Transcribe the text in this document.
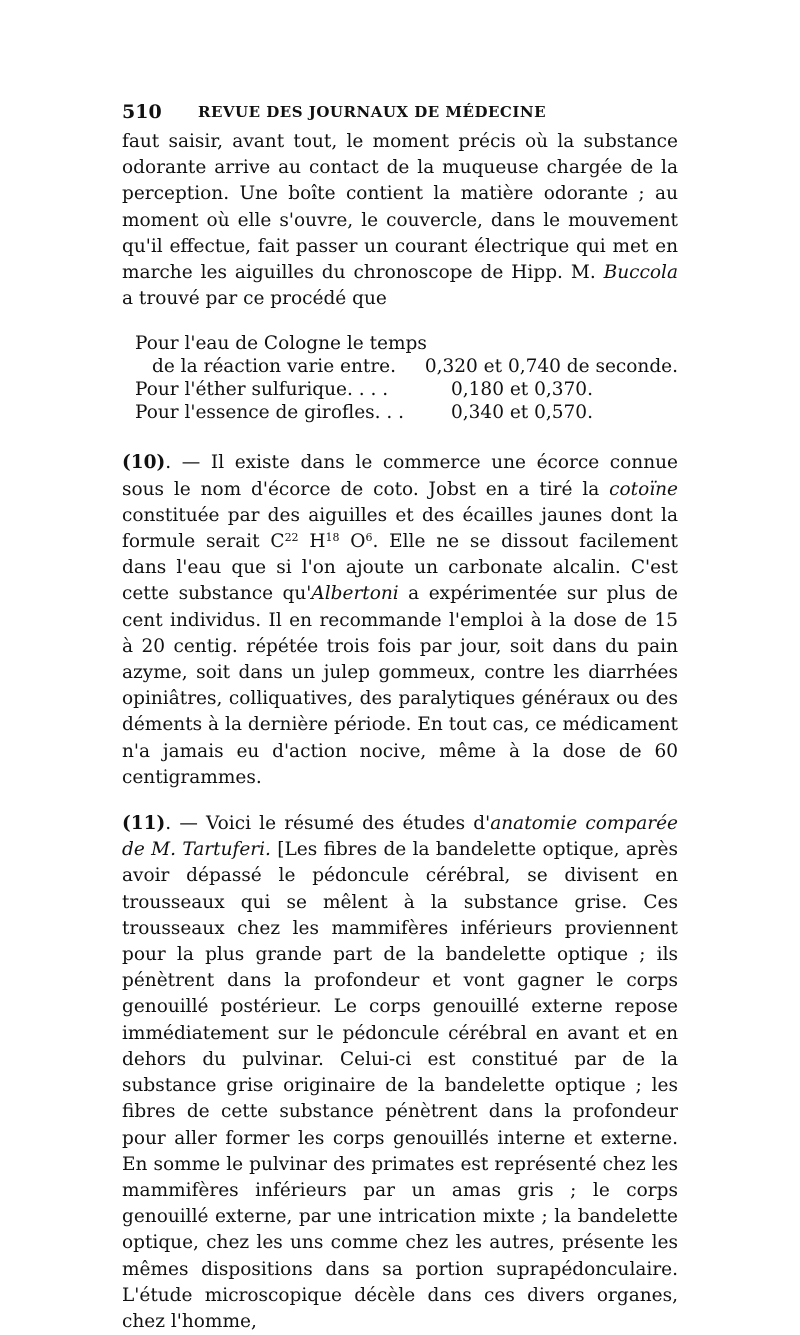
510 REVUE DES JOURNAUX DE MÉDECINE

faut saisir, avant tout, le moment précis où la substance odorante arrive au contact de la muqueuse chargée de la perception. Une boîte contient la matière odorante ; au moment où elle s'ouvre, le couvercle, dans le mouvement qu'il effectue, fait passer un courant électrique qui met en marche les aiguilles du chronoscope de Hipp. M. Buccola a trouvé par ce procédé que

Pour l'eau de Cologne le temps
de la réaction varie entre.	0,320 et 0,740 de seconde.
Pour l'éther sulfurique. . . .	0,180 et 0,370.
Pour l'essence de girofles. . .	0,340 et 0,570.

(10). — Il existe dans le commerce une écorce connue sous le nom d'écorce de coto. Jobst en a tiré la cotoïne constituée par des aiguilles et des écailles jaunes dont la formule serait $C^{22}$ $H^{18}$ $O^6$. Elle ne se dissout facilement dans l'eau que si l'on ajoute un carbonate alcalin. C'est cette substance qu'Albertoni a expérimentée sur plus de cent individus. Il en recommande l'emploi à la dose de 15 à 20 centig. répétée trois fois par jour, soit dans du pain azyme, soit dans un julep gommeux, contre les diarrhées opiniâtres, colliquatives, des paralytiques généraux ou des déments à la dernière période. En tout cas, ce médicament n'a jamais eu d'action nocive, même à la dose de 60 centigrammes.

(11). — Voici le résumé des études d'anatomie comparée de M. Tartuferi. [Les fibres de la bandelette optique, après avoir dépassé le pédoncule cérébral, se divisent en trousseaux qui se mêlent à la substance grise. Ces trousseaux chez les mammifères inférieurs proviennent pour la plus grande part de la bandelette optique ; ils pénètrent dans la profondeur et vont gagner le corps genouillé postérieur. Le corps genouillé externe repose immédiatement sur le pédoncule cérébral en avant et en dehors du pulvinar. Celui-ci est constitué par de la substance grise originaire de la bandelette optique ; les fibres de cette substance pénètrent dans la profondeur pour aller former les corps genouillés interne et externe. En somme le pulvinar des primates est représenté chez les mammifères inférieurs par un amas gris ; le corps genouillé externe, par une intrication mixte ; la bandelette optique, chez les uns comme chez les autres, présente les mêmes dispositions dans sa portion suprapédonculaire. L'étude microscopique décèle dans ces divers organes, chez l'homme,
